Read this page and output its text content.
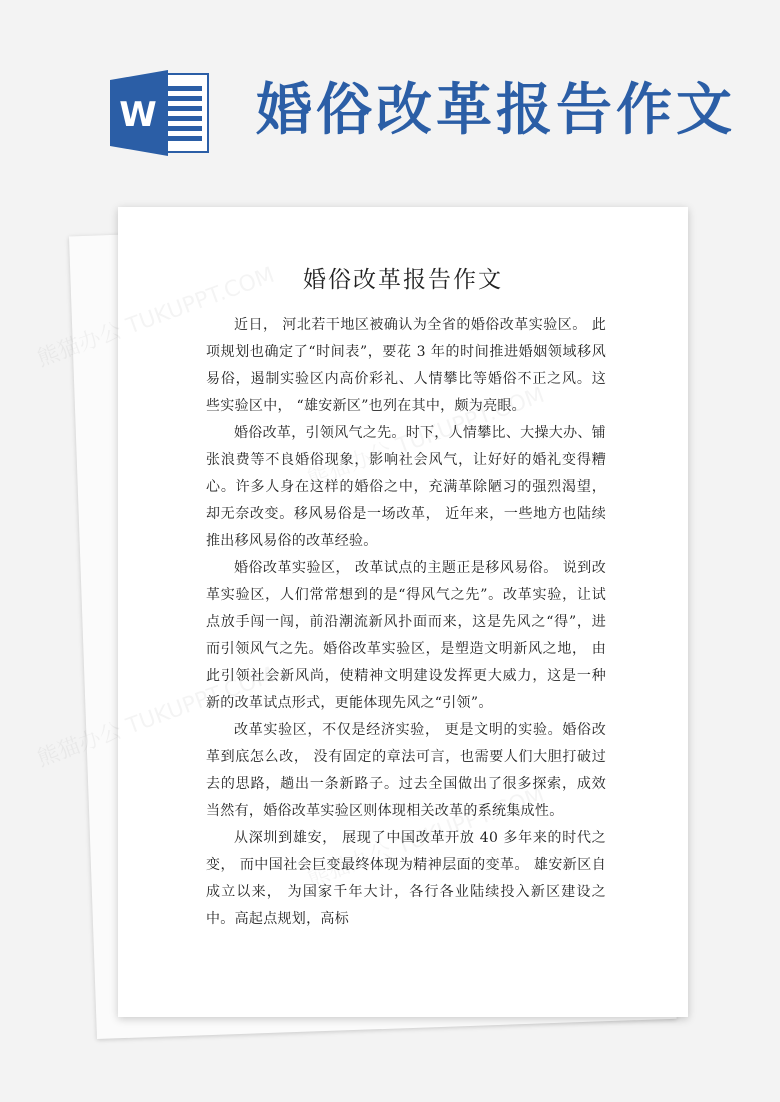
W 婚俗改革报告作文
婚俗改革报告作文

近日， 河北若干地区被确认为全省的婚俗改革实验区。 此项规划也确定了“时间表”，要花 3 年的时间推进婚姻领域移风易俗，遏制实验区内高价彩礼、人情攀比等婚俗不正之风。这些实验区中， “雄安新区”也列在其中，颇为亮眼。

婚俗改革，引领风气之先。时下，人情攀比、大操大办、铺张浪费等不良婚俗现象，影响社会风气，让好好的婚礼变得糟心。许多人身在这样的婚俗之中，充满革除陋习的强烈渴望，却无奈改变。移风易俗是一场改革， 近年来，一些地方也陆续推出移风易俗的改革经验。

婚俗改革实验区， 改革试点的主题正是移风易俗。 说到改革实验区，人们常常想到的是“得风气之先”。改革实验，让试点放手闯一闯，前沿潮流新风扑面而来，这是先风之“得”，进而引领风气之先。婚俗改革实验区，是塑造文明新风之地， 由此引领社会新风尚，使精神文明建设发挥更大威力，这是一种新的改革试点形式，更能体现先风之“引领”。

改革实验区，不仅是经济实验， 更是文明的实验。婚俗改革到底怎么改， 没有固定的章法可言，也需要人们大胆打破过去的思路，趟出一条新路子。过去全国做出了很多探索，成效当然有，婚俗改革实验区则体现相关改革的系统集成性。

从深圳到雄安， 展现了中国改革开放 40 多年来的时代之变， 而中国社会巨变最终体现为精神层面的变革。 雄安新区自成立以来， 为国家千年大计，各行各业陆续投入新区建设之中。高起点规划，高标
